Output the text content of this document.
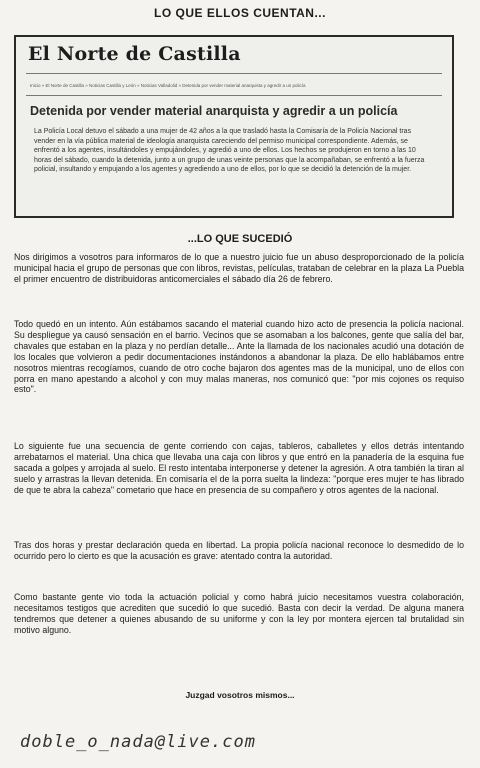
LO QUE ELLOS CUENTAN...
El Norte de Castilla
Inicio » El Norte de Castilla » Noticias Castilla y León » Noticias Valladolid » Detenida por vender material anarquista y agredir a un policía
Detenida por vender material anarquista y agredir a un policía
La Policía Local detuvo el sábado a una mujer de 42 años a la que trasladó hasta la Comisaría de la Policía Nacional tras vender en la vía pública material de ideología anarquista careciendo del permiso municipal correspondiente. Además, se enfrentó a los agentes, insultándoles y empujándoles, y agredió a uno de ellos. Los hechos se produjeron en torno a las 10 horas del sábado, cuando la detenida, junto a un grupo de unas veinte personas que la acompañaban, se enfrentó a la fuerza policial, insultando y empujando a los agentes y agrediendo a uno de ellos, por lo que se decidió la detención de la mujer.
...LO QUE SUCEDIÓ

Nos dirigimos a vosotros para informaros de lo que a nuestro juicio fue un abuso desproporcionado de la policía municipal hacia el grupo de personas que con libros, revistas, películas, trataban de celebrar en la plaza La Puebla el primer encuentro de distribuidoras anticomerciales el sábado día 26 de febrero.

Todo quedó en un intento. Aún estábamos sacando el material cuando hizo acto de presencia la policía nacional. Su despliegue ya causó sensación en el barrio. Vecinos que se asomaban a los balcones, gente que salía del bar, chavales que estaban en la plaza y no perdían detalle... Ante la llamada de los nacionales acudió una dotación de los locales que volvieron a pedir documentaciones instándonos a abandonar la plaza. De ello hablábamos entre nosotros mientras recogíamos, cuando de otro coche bajaron dos agentes mas de la municipal, uno de ellos con porra en mano apestando a alcohol y con muy malas maneras, nos comunicó que: "por mis cojones os requiso esto".

Lo siguiente fue una secuencia de gente corriendo con cajas, tableros, caballetes y ellos detrás intentando arrebatarnos el material. Una chica que llevaba una caja con libros y que entró en la panadería de la esquina fue sacada a golpes y arrojada al suelo. El resto intentaba interponerse y detener la agresión. A otra también la tiran al suelo y arrastras la llevan detenida. En comisaría el de la porra suelta la lindeza: "porque eres mujer te has librado de que te abra la cabeza" cometario que hace en presencia de su compañero y otros agentes de la nacional.

Tras dos horas y prestar declaración queda en libertad. La propia policía nacional reconoce lo desmedido de lo ocurrido pero lo cierto es que la acusación es grave: atentado contra la autoridad.

Como bastante gente vio toda la actuación policial y como habrá juicio necesitamos vuestra colaboración, necesitamos testigos que acrediten que sucedió lo que sucedió. Basta con decir la verdad. De alguna manera tendremos que detener a quienes abusando de su uniforme y con la ley por montera ejercen tal brutalidad sin motivo alguno.

Juzgad vosotros mismos...
doble_o_nada@live.com
